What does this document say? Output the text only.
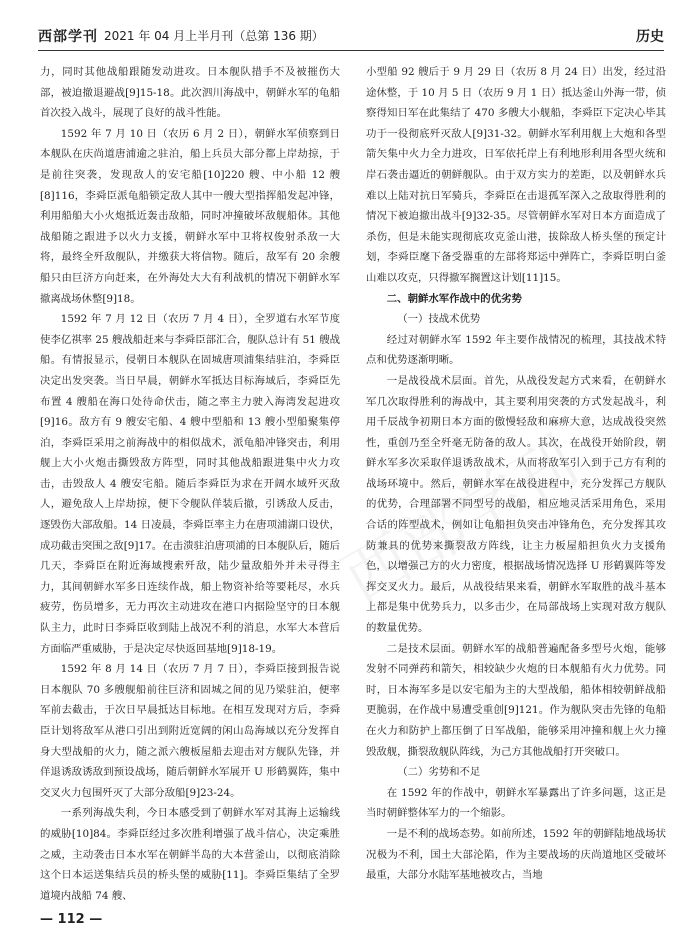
西部学刊 2021 年 04 月上半月刊（总第 136 期）	历史

力，同时其他战船跟随发动进攻。日本舰队措手不及被摧伤大部，被迫撤退避战[9]15-18。此次泗川海战中，朝鲜水军的龟船首次投入战斗，展现了良好的战斗性能。

1592 年 7 月 10 日（农历 6 月 2 日），朝鲜水军侦察到日本舰队在庆尚道唐浦逾之驻泊，船上兵员大部分都上岸劫掠，于是前往突袭，发现敌人的安宅船[10]220 艘、中小船 12 艘[8]116，李舜臣派龟船锁定敌人其中一艘大型指挥船发起冲锋，利用船船大小火炮抵近轰击敌船，同时冲撞破坏敌舰船体。其他战船随之跟进予以火力支援，朝鲜水军中卫将权俊射杀敌一大将，最终全歼敌舰队，并缴获大将信物。随后，敌军有 20 余艘船只由巨济方向赶来，在外海处大大有利战机的情况下朝鲜水军撤离战场休整[9]18。

1592 年 7 月 12 日（农历 7 月 4 日），全罗道右水军节度使李亿祺率 25 艘战船赶来与李舜臣部汇合，舰队总计有 51 艘战船。有情报显示，侵朝日本舰队在固城唐项浦集结驻泊，李舜臣决定出发突袭。当日早晨，朝鲜水军抵达目标海域后，李舜臣先布置 4 艘船在海口处待命伏击，随之率主力驶入海湾发起进攻[9]16。敌方有 9 艘安宅船、4 艘中型船和 13 艘小型船聚集停泊，李舜臣采用之前海战中的相似战术，派龟船冲锋突击，利用舰上大小火炮击撕毁敌方阵型，同时其他战船跟进集中火力攻击，击毁敌人 4 艘安宅船。随后李舜臣为求在开阔水域歼灭敌人，避免敌人上岸劫掠，便下令舰队佯装后撤，引诱敌人反击，逐毁伤大部敌船。14 日凌晨，李舜臣率主力在唐项浦湖口设伏，成功截击突围之敌[9]17。在击溃驻泊唐项浦的日本舰队后，随后几天，李舜臣在附近海域搜索歼敌，陆少量敌船外并未寻得主力，其间朝鲜水军多日连续作战，船上物资补给等要耗尽，水兵疲劳，伤员增多，无力再次主动进攻在港口内据险坚守的日本舰队主力，此时日李舜臣收到陆上战况不利的消息，水军大本营后方面临严重威胁，于是决定尽快返回基地[9]18-19。

1592 年 8 月 14 日（农历 7 月 7 日），李舜臣接到报告说日本舰队 70 多艘舰船前往巨济和固城之间的见乃梁驻泊，便率军前去截击，于次日早晨抵达目标地。在相互发现对方后，李舜臣计划将敌军从港口引出到附近宽阔的闲山岛海域以充分发挥自身大型战船的火力，随之派六艘板屋船去迎击对方舰队先锋，并佯退诱敌诱敌到预设战场，随后朝鲜水军展开 U 形鹤翼阵，集中交叉火力包围歼灭了大部分敌船[9]23-24。

一系列海战失利，今日本感受到了朝鲜水军对其海上运输线的威胁[10]84。李舜臣经过多次胜利增强了战斗信心，决定乘胜之威，主动袭击日本水军在朝鲜半岛的大本营釜山，以彻底消除这个日本运送集结兵员的桥头堡的威胁[11]。李舜臣集结了全罗道境内战船 74 艘、

小型船 92 艘后于 9 月 29 日（农历 8 月 24 日）出发，经过沿途休整，于 10 月 5 日（农历 9 月 1 日）抵达釜山外海一带，侦察得知日军在此集结了 470 多艘大小舰船，李舜臣下定决心毕其功于一役彻底歼灭敌人[9]31-32。朝鲜水军利用舰上大炮和各型箭矢集中火力全力进攻，日军依托岸上有利地形利用各型火统和岸石袭击逼近的朝鲜舰队。由于双方实力的差距，以及朝鲜水兵难以上陆对抗日军骑兵，李舜臣在击退孤军深入之敌取得胜利的情况下被迫撤出战斗[9]32-35。尽管朝鲜水军对日本方面造成了杀伤，但是未能实现彻底攻克釜山港，拔除敌人桥头堡的预定计划，李舜臣麾下备受器重的左部将郑运中弹阵亡，李舜臣明白釜山难以攻克，只得撤军搁置这计划[11]15。

二、朝鲜水军作战中的优劣势

（一）技战术优势

经过对朝鲜水军 1592 年主要作战情况的梳理，其技战术特点和优势逐渐明晰。

一是战役战术层面。首先，从战役发起方式来看，在朝鲜水军几次取得胜利的海战中，其主要利用突袭的方式发起战斗，利用千辰战争初期日本方面的傲慢轻敌和麻痹大意，达成战役突然性，重创乃至全歼毫无防备的敌人。其次，在战役开始阶段，朝鲜水军多次采取佯退诱敌战术，从而将敌军引入到于己方有利的战场环境中。然后，朝鲜水军在战役进程中，充分发挥己方舰队的优势，合理部署不同型号的战船，相应地灵活采用角色，采用合话的阵型战术，例如让龟船担负突击冲锋角色，充分发挥其攻防兼具的优势来撕裂敌方阵线，让主力板屋船担负火力支援角色，以增强己方的火力密度，根据战场情况选择 U 形鹤翼阵等发挥交叉火力。最后，从战役结果来看，朝鲜水军取胜的战斗基本上都是集中优势兵力，以多击少，在局部战场上实现对敌方舰队的数量优势。

二是技术层面。朝鲜水军的战船普遍配备多型号火炮，能够发射不同弹药和箭矢，相较缺少火炮的日本舰船有火力优势。同时，日本海军多是以安宅船为主的大型战船，船体相较朝鲜战船更脆弱，在作战中易遭受重创[9]121。作为舰队突击先锋的龟船在火力和防护上都压倒了日军战船，能够采用冲撞和舰上火力撞毁敌舰，撕裂敌舰队阵线，为己方其他战船打开突破口。

（二）劣势和不足

在 1592 年的作战中，朝鲜水军暴露出了许多问题，这正是当时朝鲜整体军力的一个缩影。

一是不利的战场态势。如前所述，1592 年的朝鲜陆地战场状况极为不利，国土大部沦陷，作为主要战场的庆尚道地区受破坏最重，大部分水陆军基地被攻占，当地

— 112 —
